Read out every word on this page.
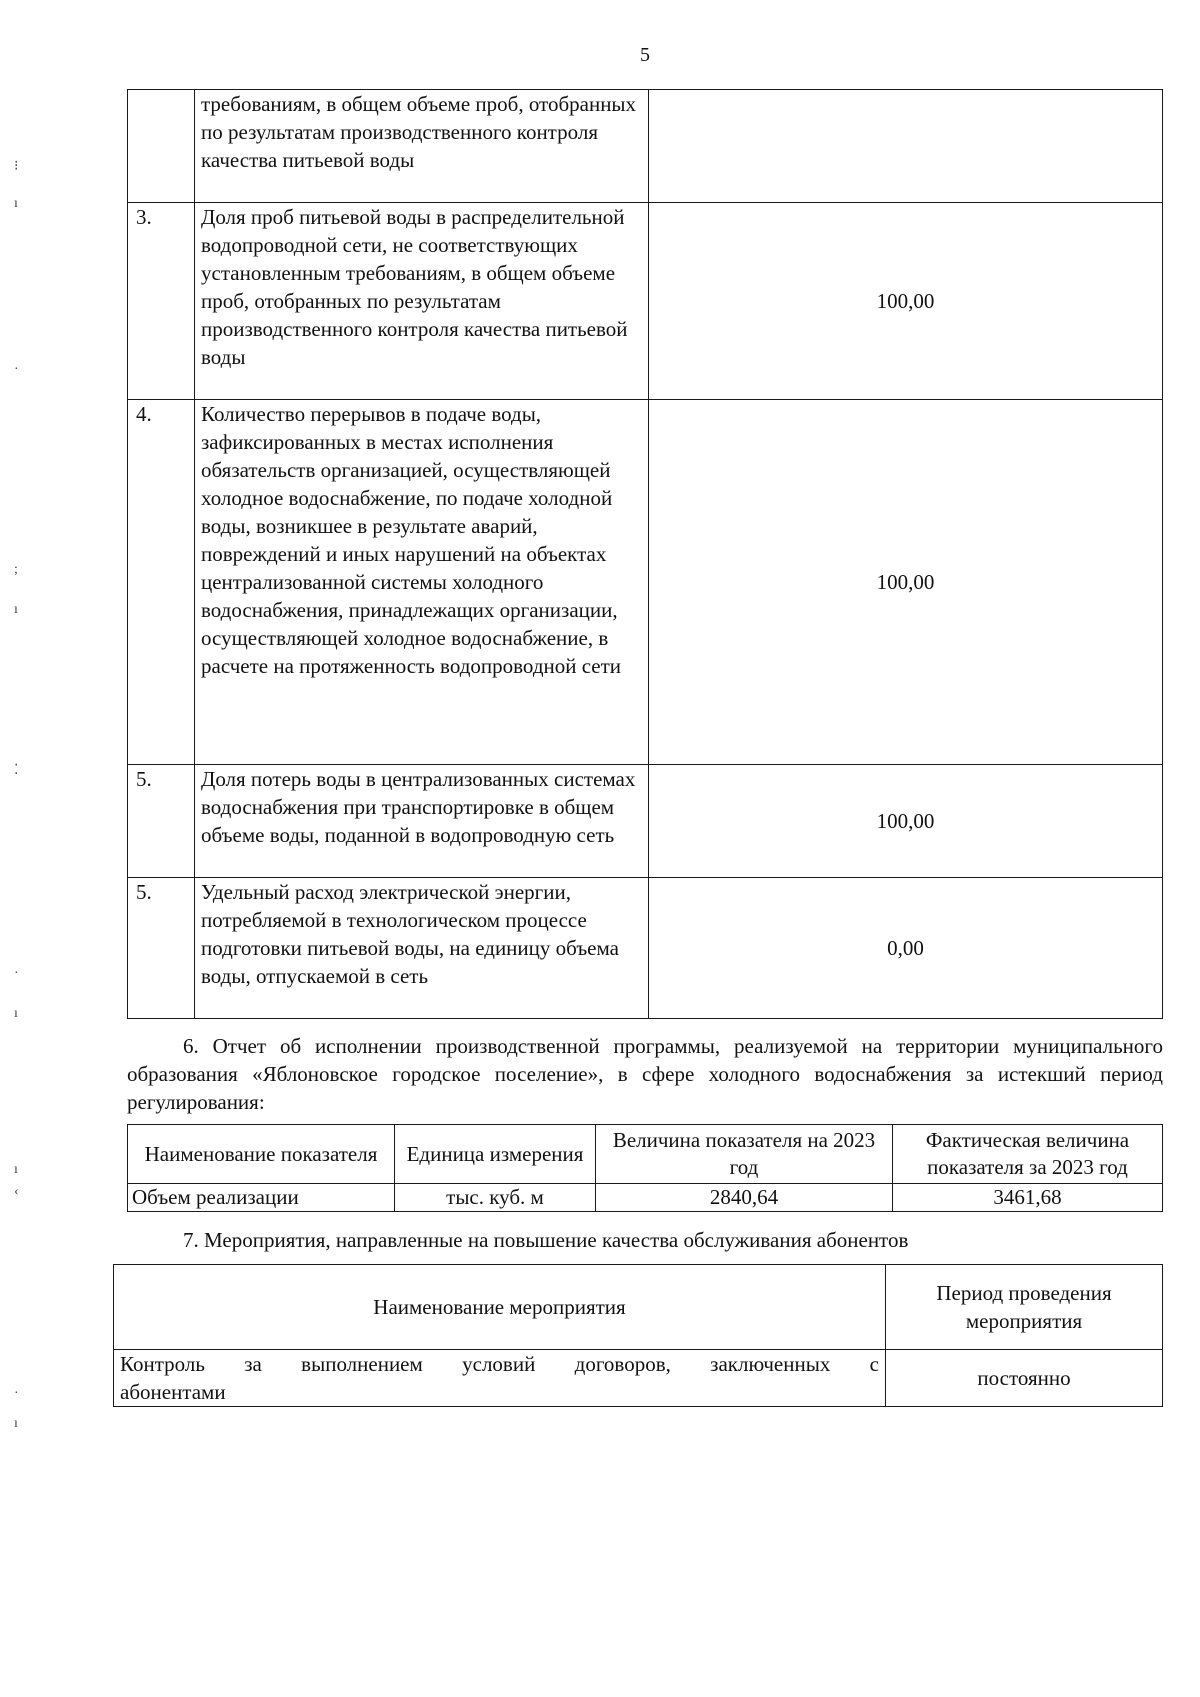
5
⁝
ı
·
;
ı
⁚
·
ı
ı
‹
·
ı
	требованиям, в общем объеме проб, отобранных по результатам производственного контроля качества питьевой воды	
3.	Доля проб питьевой воды в распределительной водопроводной сети, не соответствующих установленным требованиям, в общем объеме проб, отобранных по результатам производственного контроля качества питьевой воды	100,00
4.	Количество перерывов в подаче воды, зафиксированных в местах исполнения обязательств организацией, осуществляющей холодное водоснабжение, по подаче холодной воды, возникшее в результате аварий, повреждений и иных нарушений на объектах централизованной системы холодного водоснабжения, принадлежащих организации, осуществляющей холодное водоснабжение, в расчете на протяженность водопроводной сети	100,00
5.	Доля потерь воды в централизованных системах водоснабжения при транспортировке в общем объеме воды, поданной в водопроводную сеть	100,00
5.	Удельный расход электрической энергии, потребляемой в технологическом процессе подготовки питьевой воды, на единицу объема воды, отпускаемой в сеть	0,00

6. Отчет об исполнении производственной программы, реализуемой на территории муниципального образования «Яблоновское городское поселение», в сфере холодного водоснабжения за истекший период регулирования:

Наименование показателя	Единица измерения	Величина показателя на 2023 год	Фактическая величина показателя за 2023 год
Объем реализации	тыс. куб. м	2840,64	3461,68

7. Мероприятия, направленные на повышение качества обслуживания абонентов

Наименование мероприятия	Период проведения мероприятия

Контроль за выполнением условий договоров, заключенных с
абонентами	постоянно
